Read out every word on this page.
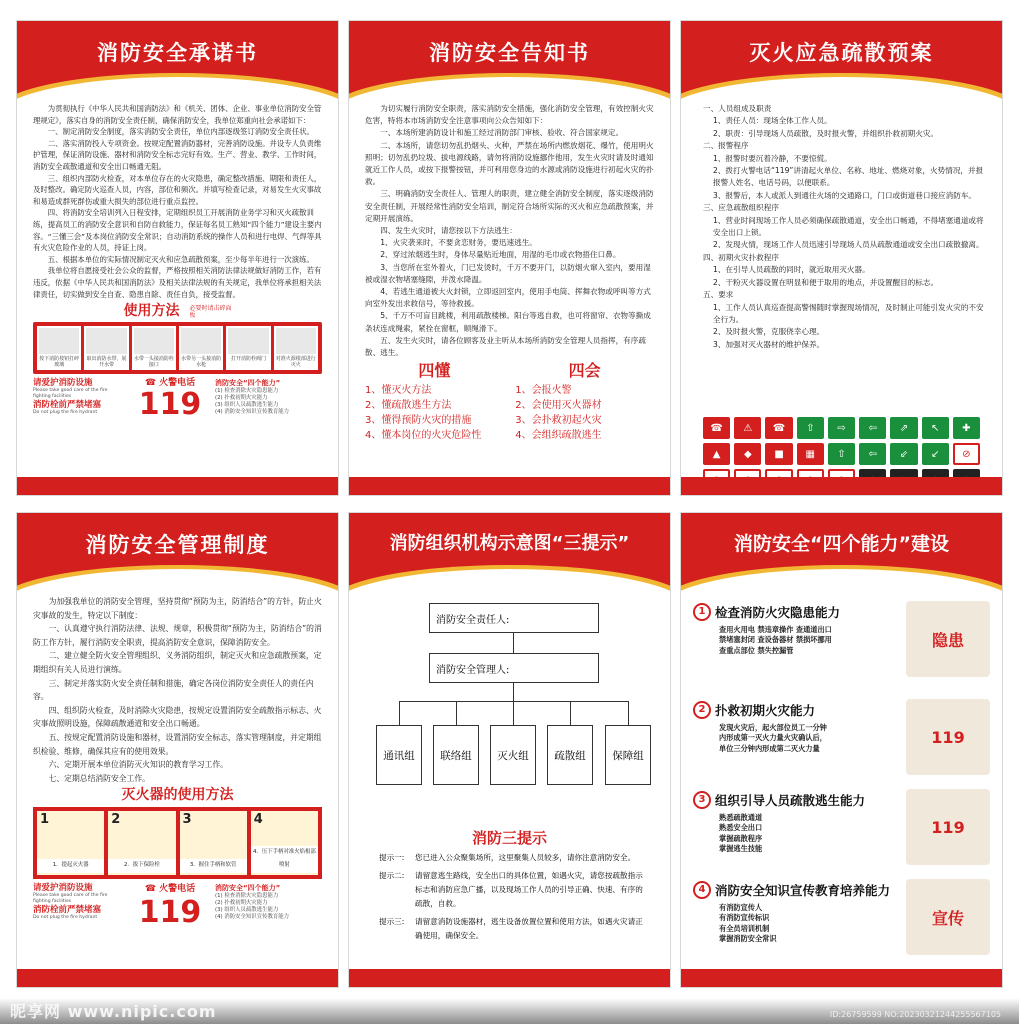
消防安全承诺书

为贯彻执行《中华人民共和国消防法》和《机关、团体、企业、事业单位消防安全管理规定》，落实自身的消防安全责任制，确保消防安全，我单位郑重向社会承诺如下：

一、制定消防安全制度，落实消防安全责任，单位内部逐级签订消防安全责任状。

二、落实消防投入专项资金。按规定配置消防器材，完善消防设施。并设专人负责维护管理，保证消防设施、器材和消防安全标志完好有效。生产、营业、教学、工作时间，消防安全疏散通道和安全出口畅通无阻。

三、组织内部防火检查，对本单位存在的火灾隐患，确定整改措施、期限和责任人，及时整改。确定防火巡查人员，内容，部位和频次。并填写检查记录，对易发生火灾事故和易造成群死群伤或重大损失的部位进行重点监控。

四、将消防安全培训列入日程安排，定期组织员工开展消防业务学习和灭火疏散训练，提高员工的消防安全意识和自防自救能力，保证每名员工熟知“四个能力”建设主要内容。“三懂三会”及本岗位消防安全常识；自动消防系统的操作人员和进行电焊、气焊等具有火灾危险作业的人员，持证上岗。

五、根据本单位的实际情况制定灭火和应急疏散预案，至少每半年进行一次演练。

我单位将自愿接受社会公众的监督，严格按照相关消防法律法规做好消防工作，若有违反，依据《中华人民共和国消防法》及相关法律法规的有关规定，我单位将承担相关法律责任，切实做到安全自查、隐患自除、责任自负，接受监督。

使用方法 必要时请击碎面板
按下消防按钮打碎玻璃
取出消防水带，展开水带
水带一头接消防栓接口
水带另一头接消防水枪
打开消防栓阀门	对准火源根部进行灭火
请爱护消防设施
Please take good care of the fire fighting facilities
消防栓前严禁堵塞
Do not plug the fire hydrant
☎ 火警电话
119
消防安全“四个能力”
(1) 检查消除火灾隐患能力
(2) 扑救初期火灾能力
(3) 组织人员疏散逃生能力
(4) 消防安全知识宣传教育能力
消防安全告知书

为切实履行消防安全职责，落实消防安全措施，强化消防安全管理，有效控制火灾危害，特将本市场消防安全注意事项向公众告知如下：

一、本场所建消防设计和施工经过消防部门审核、验收、符合国家规定。

二、本场所，请您切勿乱扔烟头、火种，严禁在场所内燃放烟花、爆竹，使用明火照明；切勿乱扔垃圾、拔电源线路，请勿将消防设施挪作他用，发生火灾时请及时通知就近工作人员，或按下报警按钮，并可利用您身边的水源或消防设施进行初起火灾的扑救。

三、明确消防安全责任人、管理人的职责，建立健全消防安全制度，落实逐级消防安全责任制，开展经常性消防安全培训，制定符合场所实际的灭火和应急疏散预案，并定期开展演练。

四、发生火灾时，请您按以下方法逃生：

1、火灾袭来时，不要贪恋财务，要迅速逃生。

2、穿过浓烟逃生时，身体尽量贴近地面，用湿的毛巾或衣物捂住口鼻。

3、当您所在室外着火，门已发烫时，千万不要开门，以防烟火窜入室内，要用湿被或湿衣物堵塞缝隙，并泼水降温。

4、若逃生通道被大火封锁，立即返回室内，使用手电筒、挥舞衣物或呼叫等方式向室外发出求救信号，等待救援。

5、千万不可盲目跳楼，利用疏散楼梯。阳台等逃自救，也可将窗帘、衣物等撕成条状连成绳索，紧拴在窗框，顺绳滑下。

五、发生火灾时，请各位顾客及业主听从本场所消防安全管理人员指挥，有序疏散、逃生。

四懂
1、懂灭火方法
2、懂疏散逃生方法
3、懂得预防火灾的措施
4、懂本岗位的火灾危险性
四会
1、会报火警
2、会使用灭火器材
3、会扑救初起火灾
4、会组织疏散逃生
灭火应急疏散预案
一、人员组成及职责
1、责任人员：现场全体工作人员。
2、职责：引导现场人员疏散，及时报火警，并组织扑救初期火灾。
二、报警程序
1、报警时要沉着冷静，不要惊慌。
2、拨打火警电话“119”讲清起火单位、名称、地址、燃烧对象，火势情况，并报报警人姓名、电话号码，以便联系。
3、报警后，本人或派人到通往火场的交通路口，门口或街道巷口接应消防车。
三、应急疏散组织程序
1、营业时间现场工作人员必须确保疏散通道，安全出口畅通，不得堵塞通道或将安全出口上锁。
2、发现火情，现场工作人员迅速引导现场人员从疏散通道或安全出口疏散撤离。
四、初期火灾扑救程序
1、在引导人员疏散的同时，就近取用灭火器。
2、干粉灭火器设置在明显和便于取用的地点，并设置醒目的标志。
五、要求
1、工作人员认真巡查提高警惕随时掌握现场情况，及时制止可能引发火灾的不安全行为。
2、及时报火警，克服侥幸心理。
3、加强对灭火器材的维护保养。
☎	⚠	☎	⇧	⇨	⇦	⇗	↖	✚
▲	◆	■	▦	⇧	⇦	⇙	↙	⊘
消防安全管理制度

为加强我单位的消防安全管理，坚持贯彻“预防为主，防消结合”的方针，防止火灾事故的发生，特定以下制度：

一、认真遵守执行消防法律、法规、规章，积极贯彻“预防为主，防消结合”的消防工作方针，履行消防安全职责，提高消防安全意识，保障消防安全。

二、建立健全防火安全管理组织、义务消防组织，制定灭火和应急疏散预案，定期组织有关人员进行演练。

三、制定并落实防火安全责任制和措施，确定各岗位消防安全责任人的责任内容。

四、组织防火检查，及时消除火灾隐患，按规定设置消防安全疏散指示标志、火灾事故照明设施，保障疏散通道和安全出口畅通。

五、按规定配置消防设施和器材，设置消防安全标志，落实管理制度，并定期组织检验、维修，确保其应有的使用效果。

六、定期开展本单位消防灭火知识的教育学习工作。

七、定期总结消防安全工作。

灭火器的使用方法
1
1．提起灭火器
2
2．拔下保险栓
3
3．握住手柄和软管
4
4．压下手柄对准火焰根部喷射
请爱护消防设施
Please take good care of the fire fighting facilities
消防栓前严禁堵塞
Do not plug the fire hydrant
☎ 火警电话
119
消防安全“四个能力”
(1) 检查消除火灾隐患能力
(2) 扑救初期火灾能力
(3) 组织人员疏散逃生能力
(4) 消防安全知识宣传教育能力
消防组织机构示意图“三提示”
消防安全责任人:
消防安全管理人:
通讯组	联络组	灭火组	疏散组	保障组
消防三提示
提示一:	您已进入公众聚集场所，这里聚集人员较多，请你注意消防安全。
提示二:	请留意逃生路线，安全出口的具体位置，如遇火灾，请您按疏散指示标志和消防应急广播，以及现场工作人员的引导正确、快速、有序的疏散，自救。
提示三:	请留意消防设施器材，逃生设备放置位置和使用方法，如遇火灾请正确使用，确保安全。
消防安全“四个能力”建设
隐患
1 检查消防火灾隐患能力
查用火用电 禁违章操作 查通道出口
禁堵塞封闭 查设备器材 禁损坏挪用
查重点部位 禁失控漏管
119
2 扑救初期火灾能力
发现火灾后，起火部位员工一分钟
内形成第一灭火力量火灾确认后，
单位三分钟内形成第二灭火力量
119
3 组织引导人员疏散逃生能力
熟悉疏散通道
熟悉安全出口
掌握疏散程序
掌握逃生技能
宣传
4 消防安全知识宣传教育培养能力
有消防宣传人
有消防宣传标识
有全员培训机制
掌握消防安全常识
昵享网 www.nipic.com	ID:26759599 NO:20230321244255567105
